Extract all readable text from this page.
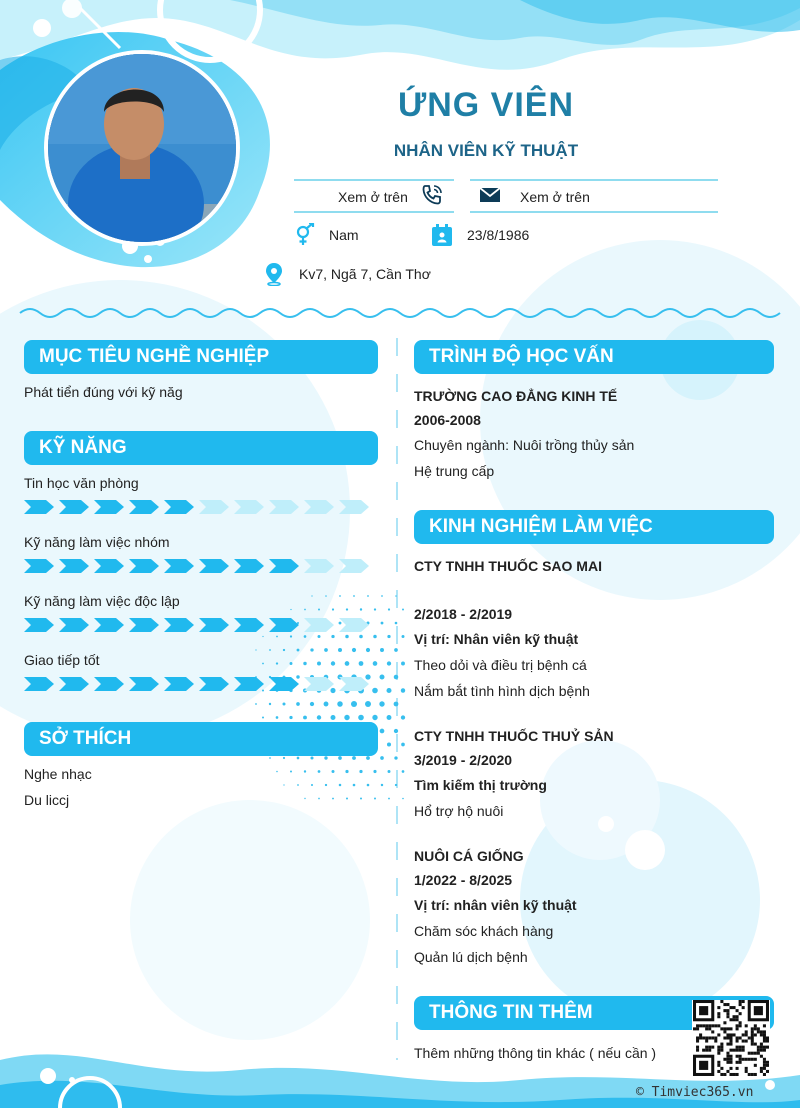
ỨNG VIÊN
NHÂN VIÊN KỸ THUẬT
Xem ở trên	Xem ở trên
Nam	23/8/1986
Kv7, Ngã 7, Cần Thơ
MỤC TIÊU NGHỀ NGHIỆP
Phát tiển đúng với kỹ năg
KỸ NĂNG
Tin học văn phòng
Kỹ năng làm việc nhóm
Kỹ năng làm việc độc lập
Giao tiếp tốt
SỞ THÍCH
Nghe nhạc
Du liccj
TRÌNH ĐỘ HỌC VẤN
TRƯỜNG CAO ĐẲNG KINH TẾ
2006-2008
Chuyên ngành: Nuôi trồng thủy sản
Hệ trung cấp
KINH NGHIỆM LÀM VIỆC
CTY TNHH THUỐC SAO MAI
2/2018 - 2/2019
Vị trí: Nhân viên kỹ thuật
Theo dỏi và điều trị bệnh cá
Nắm bắt tình hình dịch bệnh
CTY TNHH THUỐC THUỶ SẢN
3/2019 - 2/2020
Tìm kiếm thị trường
Hổ trợ hộ nuôi
NUÔI CÁ GIỐNG
1/2022 - 8/2025
Vị trí: nhân viên kỹ thuật
Chăm sóc khách hàng
Quản lú dịch bệnh
THÔNG TIN THÊM
Thêm những thông tin khác ( nếu cần )
© Timviec365.vn
